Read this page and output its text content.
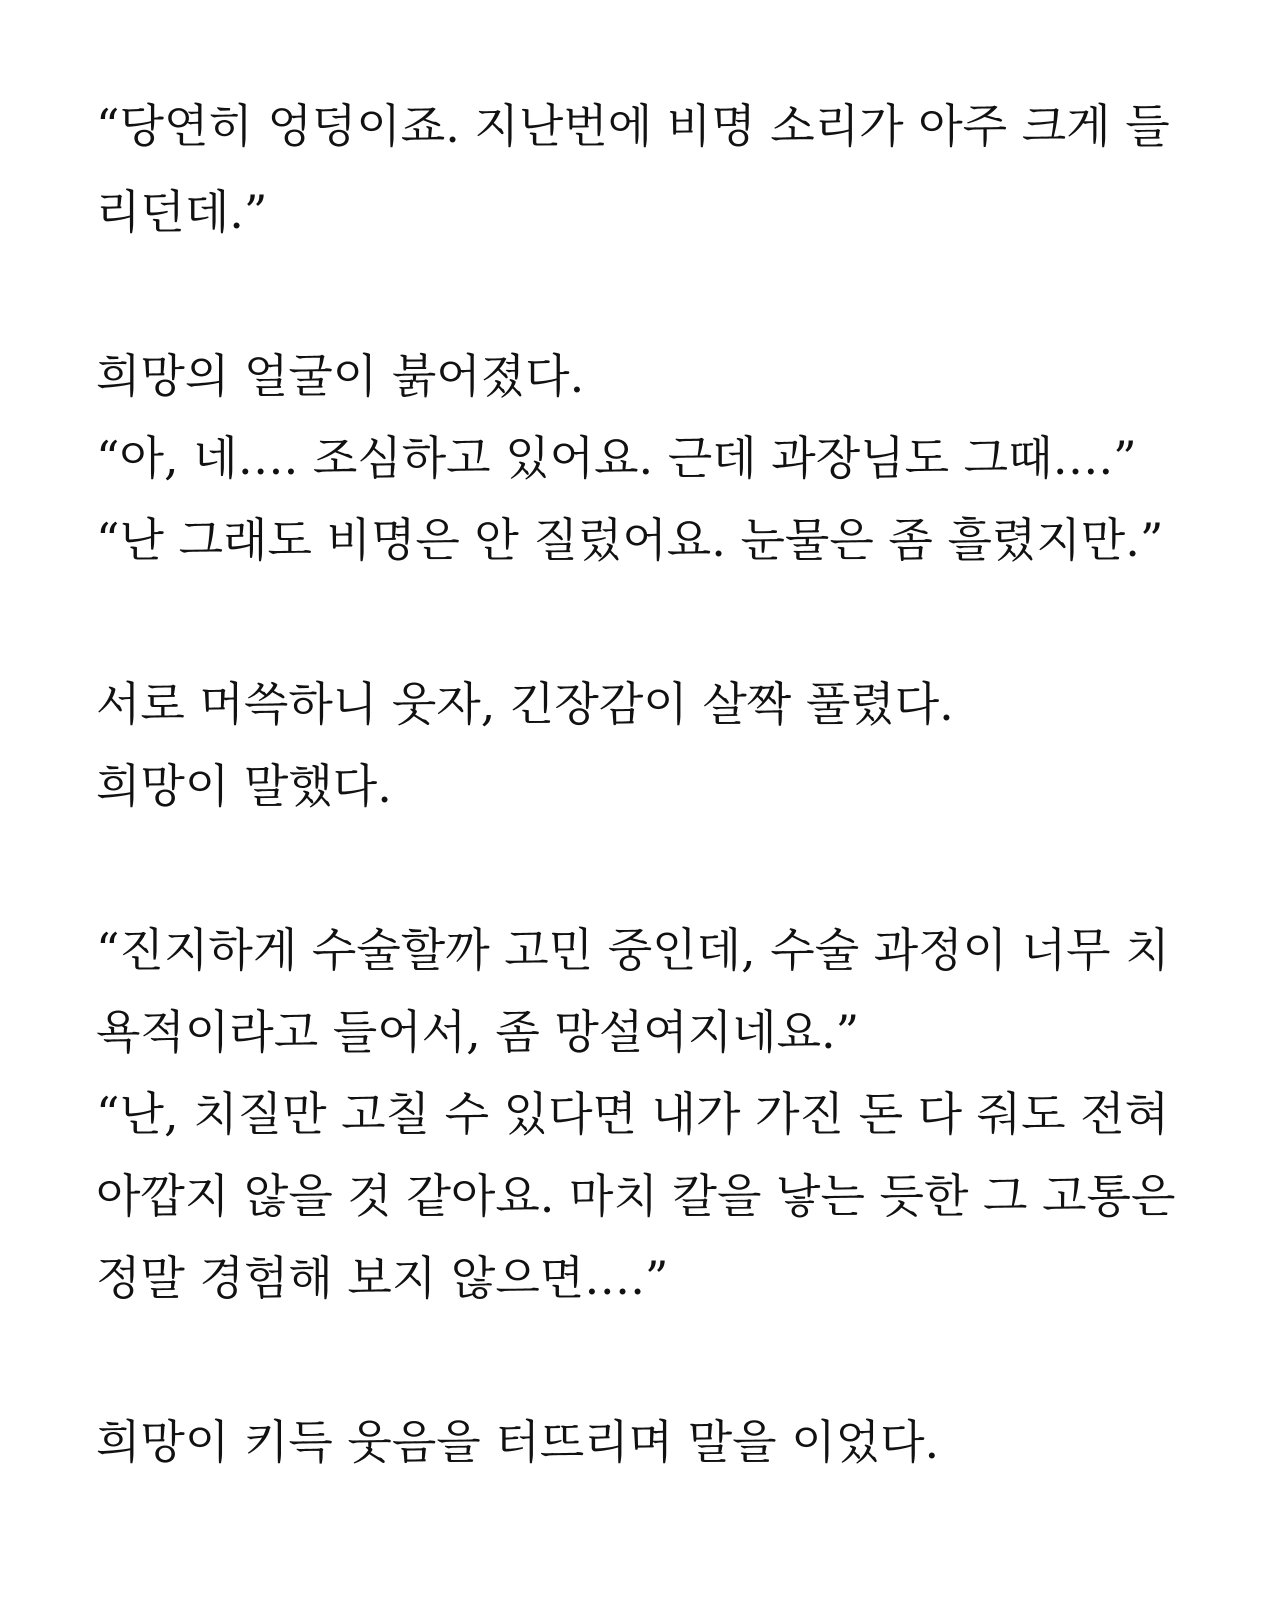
“당연히 엉덩이죠. 지난번에 비명 소리가 아주 크게 들
리던데.”
희망의 얼굴이 붉어졌다.
“아, 네…. 조심하고 있어요. 근데 과장님도 그때….”
“난 그래도 비명은 안 질렀어요. 눈물은 좀 흘렸지만.”
서로 머쓱하니 웃자, 긴장감이 살짝 풀렸다.
희망이 말했다.
“진지하게 수술할까 고민 중인데, 수술 과정이 너무 치
욕적이라고 들어서, 좀 망설여지네요.”
“난, 치질만 고칠 수 있다면 내가 가진 돈 다 줘도 전혀
아깝지 않을 것 같아요. 마치 칼을 낳는 듯한 그 고통은
정말 경험해 보지 않으면….”
희망이 키득 웃음을 터뜨리며 말을 이었다.
